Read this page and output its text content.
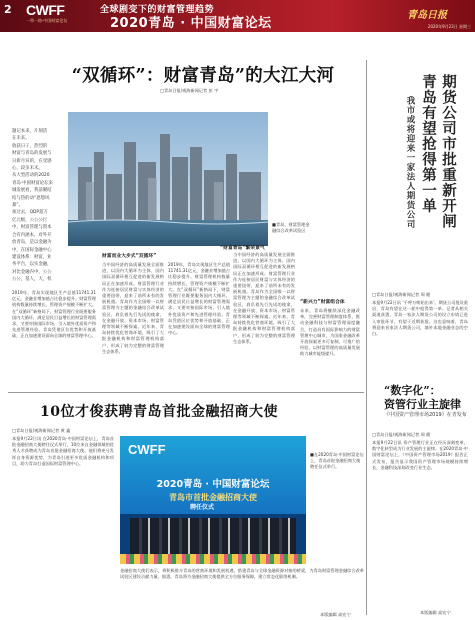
2 CWFF
一带一路·中国财富论坛
全球剧变下的财富管理趋势
2020青岛 · 中国财富论坛
青岛日报
2020年9月23日 星期三
“双循环”：财富青岛”的大江大河
□青岛日报/观海新闻记者 彭 宇
题记本来，片刻活
在未来。
收获日子，热烈的
财富与青岛的发展与
日新月异的，在受感
心，段多未未。
从大型活动的2020
青岛·中国财富论坛来
城发展看，我前聚结
结与热的动“思想风
暴”。
加过去，QDP超万
亿元级，公公公行
中，财富管理与资本
合有内涵本，对外开
放青岛，是以金融为
中，在国际金融中心
建设体系：财富，业
务平台，以实金融，
对比金融内中，公公
公公，基人，大，机
■青岛，财富管理金融综合改革试验区
财富而业大步式“双循环”
“财富青岛”繁荣景气
“新兴力”财富组合体
当中国经济的高质量发展全面推进，以国内大循环为主体、国内国际双循环相互促进的新发展格局正在加速形成。财富管理行业作为连接居民财富与实体经济的重要纽带，迎来了前所未有的发展机遇。青岛作为全国唯一以财富管理为主题的金融综合改革试验区，肩负着先行先试的使命，在金融开放、资本市场、财富管理等领域不断探索。近年来，青岛持续优化营商环境，吸引了大批金融机构和财富管理机构落户，形成了较为完整的财富管理生态体系。
2019年，青岛实现地区生产总值11741.31亿元，金融业增加值占比稳步提升。财富管理机构数量持续增长，管理资产规模不断扩大。在“双循环”新格局下，财富管理行业既要服务国内大循环，满足居民日益增长的财富管理需求，又要对接国际市场，引入境外优质资产和先进管理经验。青岛凭借区位优势和开放基础，正在加速建设面向全球的财富管理中心。
当中国经济的高质量发展全面推进，以国内大循环为主体、国内国际双循环相互促进的新发展格局正在加速形成。财富管理行业作为连接居民财富与实体经济的重要纽带，迎来了前所未有的发展机遇。青岛作为全国唯一以财富管理为主题的金融综合改革试验区，肩负着先行先试的使命，在金融开放、资本市场、财富管理等领域不断探索。近年来，青岛持续优化营商环境，吸引了大批金融机构和财富管理机构落户，形成了较为完整的财富管理生态体系。
未来，青岛将继续深化金融改革，完善财富管理制度体系，推动金融科技与财富管理深度融合，打造具有国际影响力的财富管理中心城市，为国家金融改革开放探索更多可复制、可推广的经验，以财富管理的高质量发展助力城市能级提升。
2019年，青岛实现地区生产总值11741.31亿元，金融业增加值占比稳步提升。财富管理机构数量持续增长，管理资产规模不断扩大。在“双循环”新格局下，财富管理行业既要服务国内大循环，满足居民日益增长的财富管理需求，又要对接国际市场，引入境外优质资产和先进管理经验。青岛凭借区位优势和开放基础，正在加速建设面向全球的财富管理中心。
期货公司市批重新开闸
青岛有望抢得第一单
我市或将迎来一家法人期货公司
□青岛日报/观海新闻记者 周 健
本报9月22日讯 ‘千呼万唤始出来’，期货公司批设重启，青岛有望在这一轮中抢得第一单。记者从相关渠道获悉，青岛一家法人期货公司的设立申请已进入审批环节，有望于近期获批。这也意味着，青岛将迎来首家法人期货公司，填补本地金融业态的空白。
“数字化”：
资管行业主旋律
《中国资产管理市场2019》在青发布
□青岛日报/观海新闻记者 周 健
本报9月22日讯 资产管理行业正在经历深刻变革，数字化转型成为行业发展的主旋律。在2020青岛·中国财富论坛上，《中国资产管理市场2019》报告正式发布，报告显示我国资产管理市场规模持续增长，金融科技深刻改变行业生态。
本版编辑 高宏宁
10位才俊获聘青岛首批金融招商大使
□青岛日报/观海新闻记者 黄 鑫
本报9月22日讯 在2020青岛·中国财富论坛上，青岛首批金融招商大使聘任仪式举行，10位来自金融领域的优秀人才获聘成为青岛首批金融招商大使。他们将充分发挥自身资源优势，为青岛引进更多优质金融机构和项目，助力青岛打造国际财富管理中心。
CWFF
2020青岛 · 中国财富论坛
青岛市首批金融招商大使
聘任仪式
■在2020青岛·中国财富论坛上，青岛首批金融招商大使聘任仪式举行。
金融招商大使们表示，将积极推介青岛的营商环境和发展机遇，搭建青岛与全球金融资源对接的桥梁，为青岛财富管理金融综合改革试验区建设贡献力量。据悉，青岛将为金融招商大使提供全方位服务保障，建立常态化联络机制。
本版编辑 高宏宁
